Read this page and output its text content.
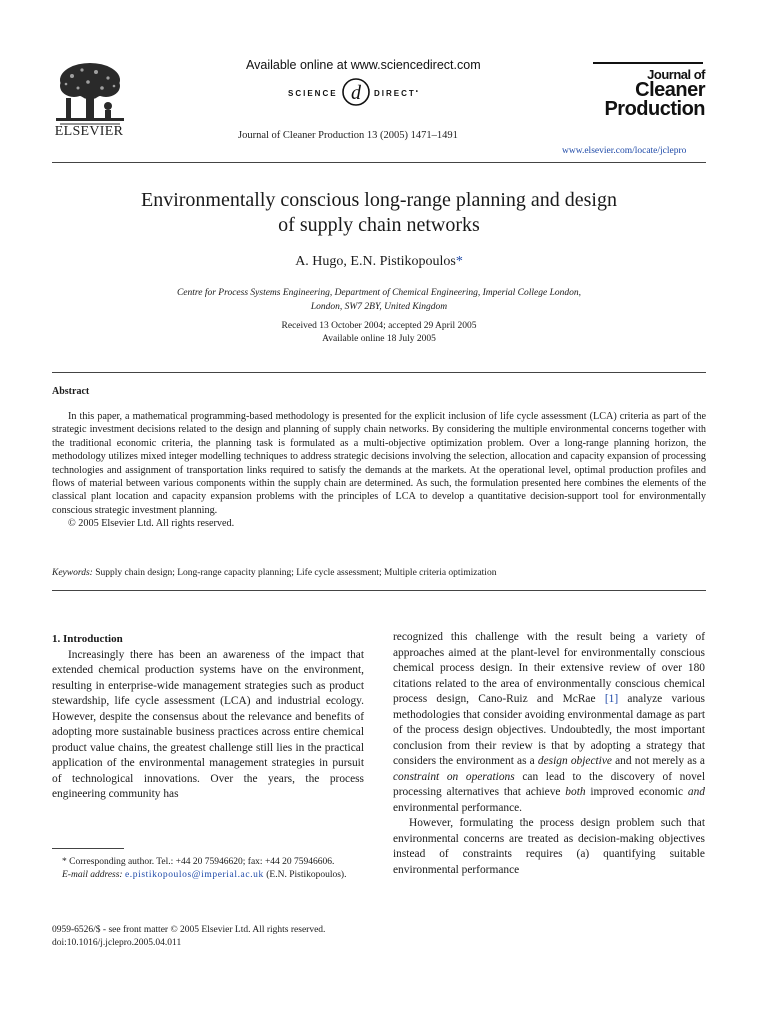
ELSEVIER
Available online at www.sciencedirect.com
SCIENCE d DIRECT•
Journal of Cleaner Production 13 (2005) 1471–1491
Journal of
Cleaner
Production
www.elsevier.com/locate/jclepro
Environmentally conscious long-range planning and design
of supply chain networks
A. Hugo, E.N. Pistikopoulos*
Centre for Process Systems Engineering, Department of Chemical Engineering, Imperial College London,
London, SW7 2BY, United Kingdom
Received 13 October 2004; accepted 29 April 2005
Available online 18 July 2005
Abstract

In this paper, a mathematical programming-based methodology is presented for the explicit inclusion of life cycle assessment (LCA) criteria as part of the strategic investment decisions related to the design and planning of supply chain networks. By considering the multiple environmental concerns together with the traditional economic criteria, the planning task is formulated as a multi-objective optimization problem. Over a long-range planning horizon, the methodology utilizes mixed integer modelling techniques to address strategic decisions involving the selection, allocation and capacity expansion of processing technologies and assignment of transportation links required to satisfy the demands at the markets. At the operational level, optimal production profiles and flows of material between various components within the supply chain are determined. As such, the formulation presented here combines the elements of the classical plant location and capacity expansion problems with the principles of LCA to develop a quantitative decision-support tool for environmentally conscious strategic investment planning.

© 2005 Elsevier Ltd. All rights reserved.

Keywords: Supply chain design; Long-range capacity planning; Life cycle assessment; Multiple criteria optimization

1. Introduction

Increasingly there has been an awareness of the impact that extended chemical production systems have on the environment, resulting in enterprise-wide management strategies such as product stewardship, life cycle assessment (LCA) and industrial ecology. However, despite the consensus about the relevance and benefits of adopting more sustainable business practices across entire chemical product value chains, the greatest challenge still lies in the practical application of the environmental management strategies in pursuit of technological innovations. Over the years, the process engineering community has

* Corresponding author. Tel.: +44 20 75946620; fax: +44 20 75946606.
E-mail address: e.pistikopoulos@imperial.ac.uk (E.N. Pistikopoulos).
0959-6526/$ - see front matter © 2005 Elsevier Ltd. All rights reserved.
doi:10.1016/j.jclepro.2005.04.011

recognized this challenge with the result being a variety of approaches aimed at the plant-level for environmentally conscious chemical process design. In their extensive review of over 180 citations related to the area of environmentally conscious chemical process design, Cano-Ruiz and McRae [1] analyze various methodologies that consider avoiding environmental damage as part of the process design objectives. Undoubtedly, the most important conclusion from their review is that by adopting a strategy that considers the environment as a design objective and not merely as a constraint on operations can lead to the discovery of novel processing alternatives that achieve both improved economic and environmental performance.

However, formulating the process design problem such that environmental concerns are treated as decision-making objectives instead of constraints requires (a) quantifying suitable environmental performance
